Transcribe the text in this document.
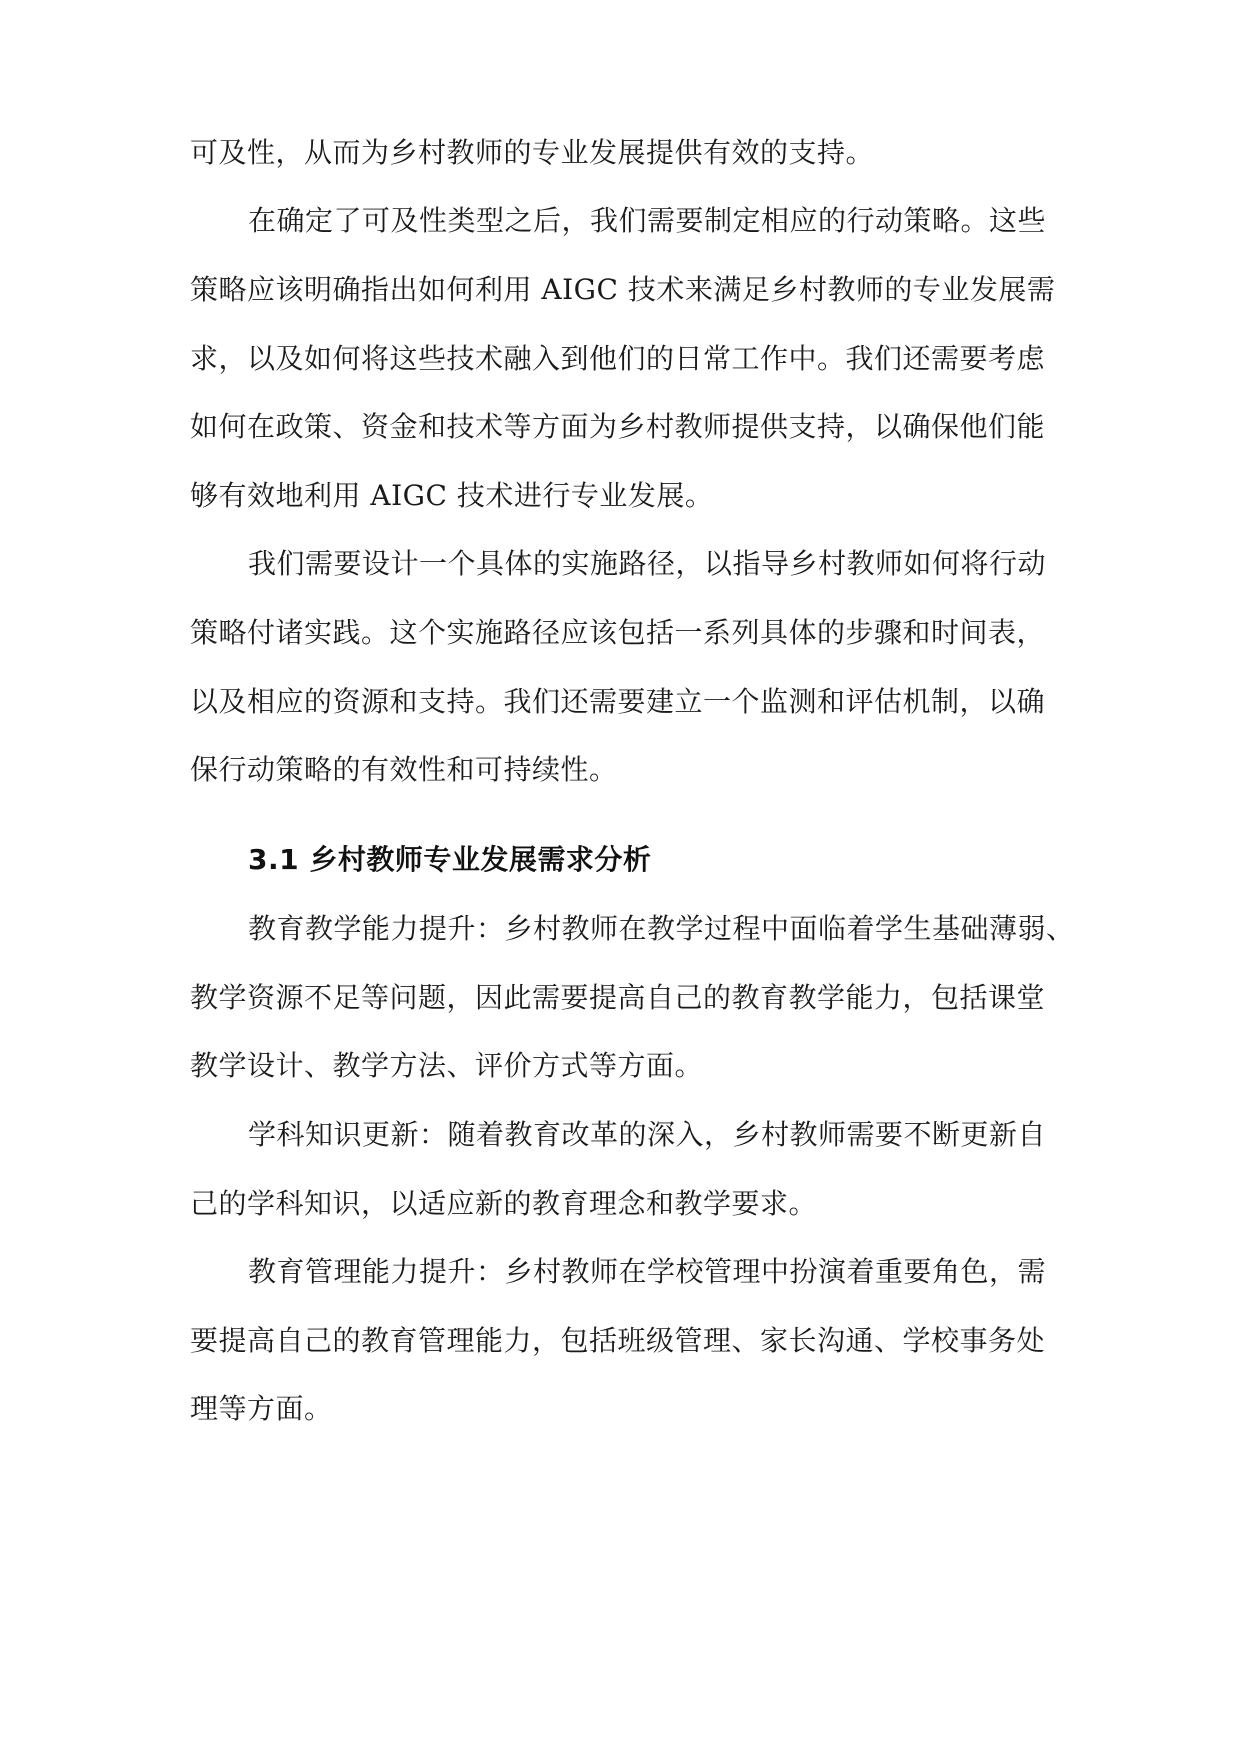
可及性，从而为乡村教师的专业发展提供有效的支持。
在确定了可及性类型之后，我们需要制定相应的行动策略。这些
策略应该明确指出如何利用 AIGC 技术来满足乡村教师的专业发展需
求，以及如何将这些技术融入到他们的日常工作中。我们还需要考虑
如何在政策、资金和技术等方面为乡村教师提供支持，以确保他们能
够有效地利用 AIGC 技术进行专业发展。
我们需要设计一个具体的实施路径，以指导乡村教师如何将行动
策略付诸实践。这个实施路径应该包括一系列具体的步骤和时间表，
以及相应的资源和支持。我们还需要建立一个监测和评估机制，以确
保行动策略的有效性和可持续性。
3.1 乡村教师专业发展需求分析
教育教学能力提升：乡村教师在教学过程中面临着学生基础薄弱、
教学资源不足等问题，因此需要提高自己的教育教学能力，包括课堂
教学设计、教学方法、评价方式等方面。
学科知识更新：随着教育改革的深入，乡村教师需要不断更新自
己的学科知识，以适应新的教育理念和教学要求。
教育管理能力提升：乡村教师在学校管理中扮演着重要角色，需
要提高自己的教育管理能力，包括班级管理、家长沟通、学校事务处
理等方面。
